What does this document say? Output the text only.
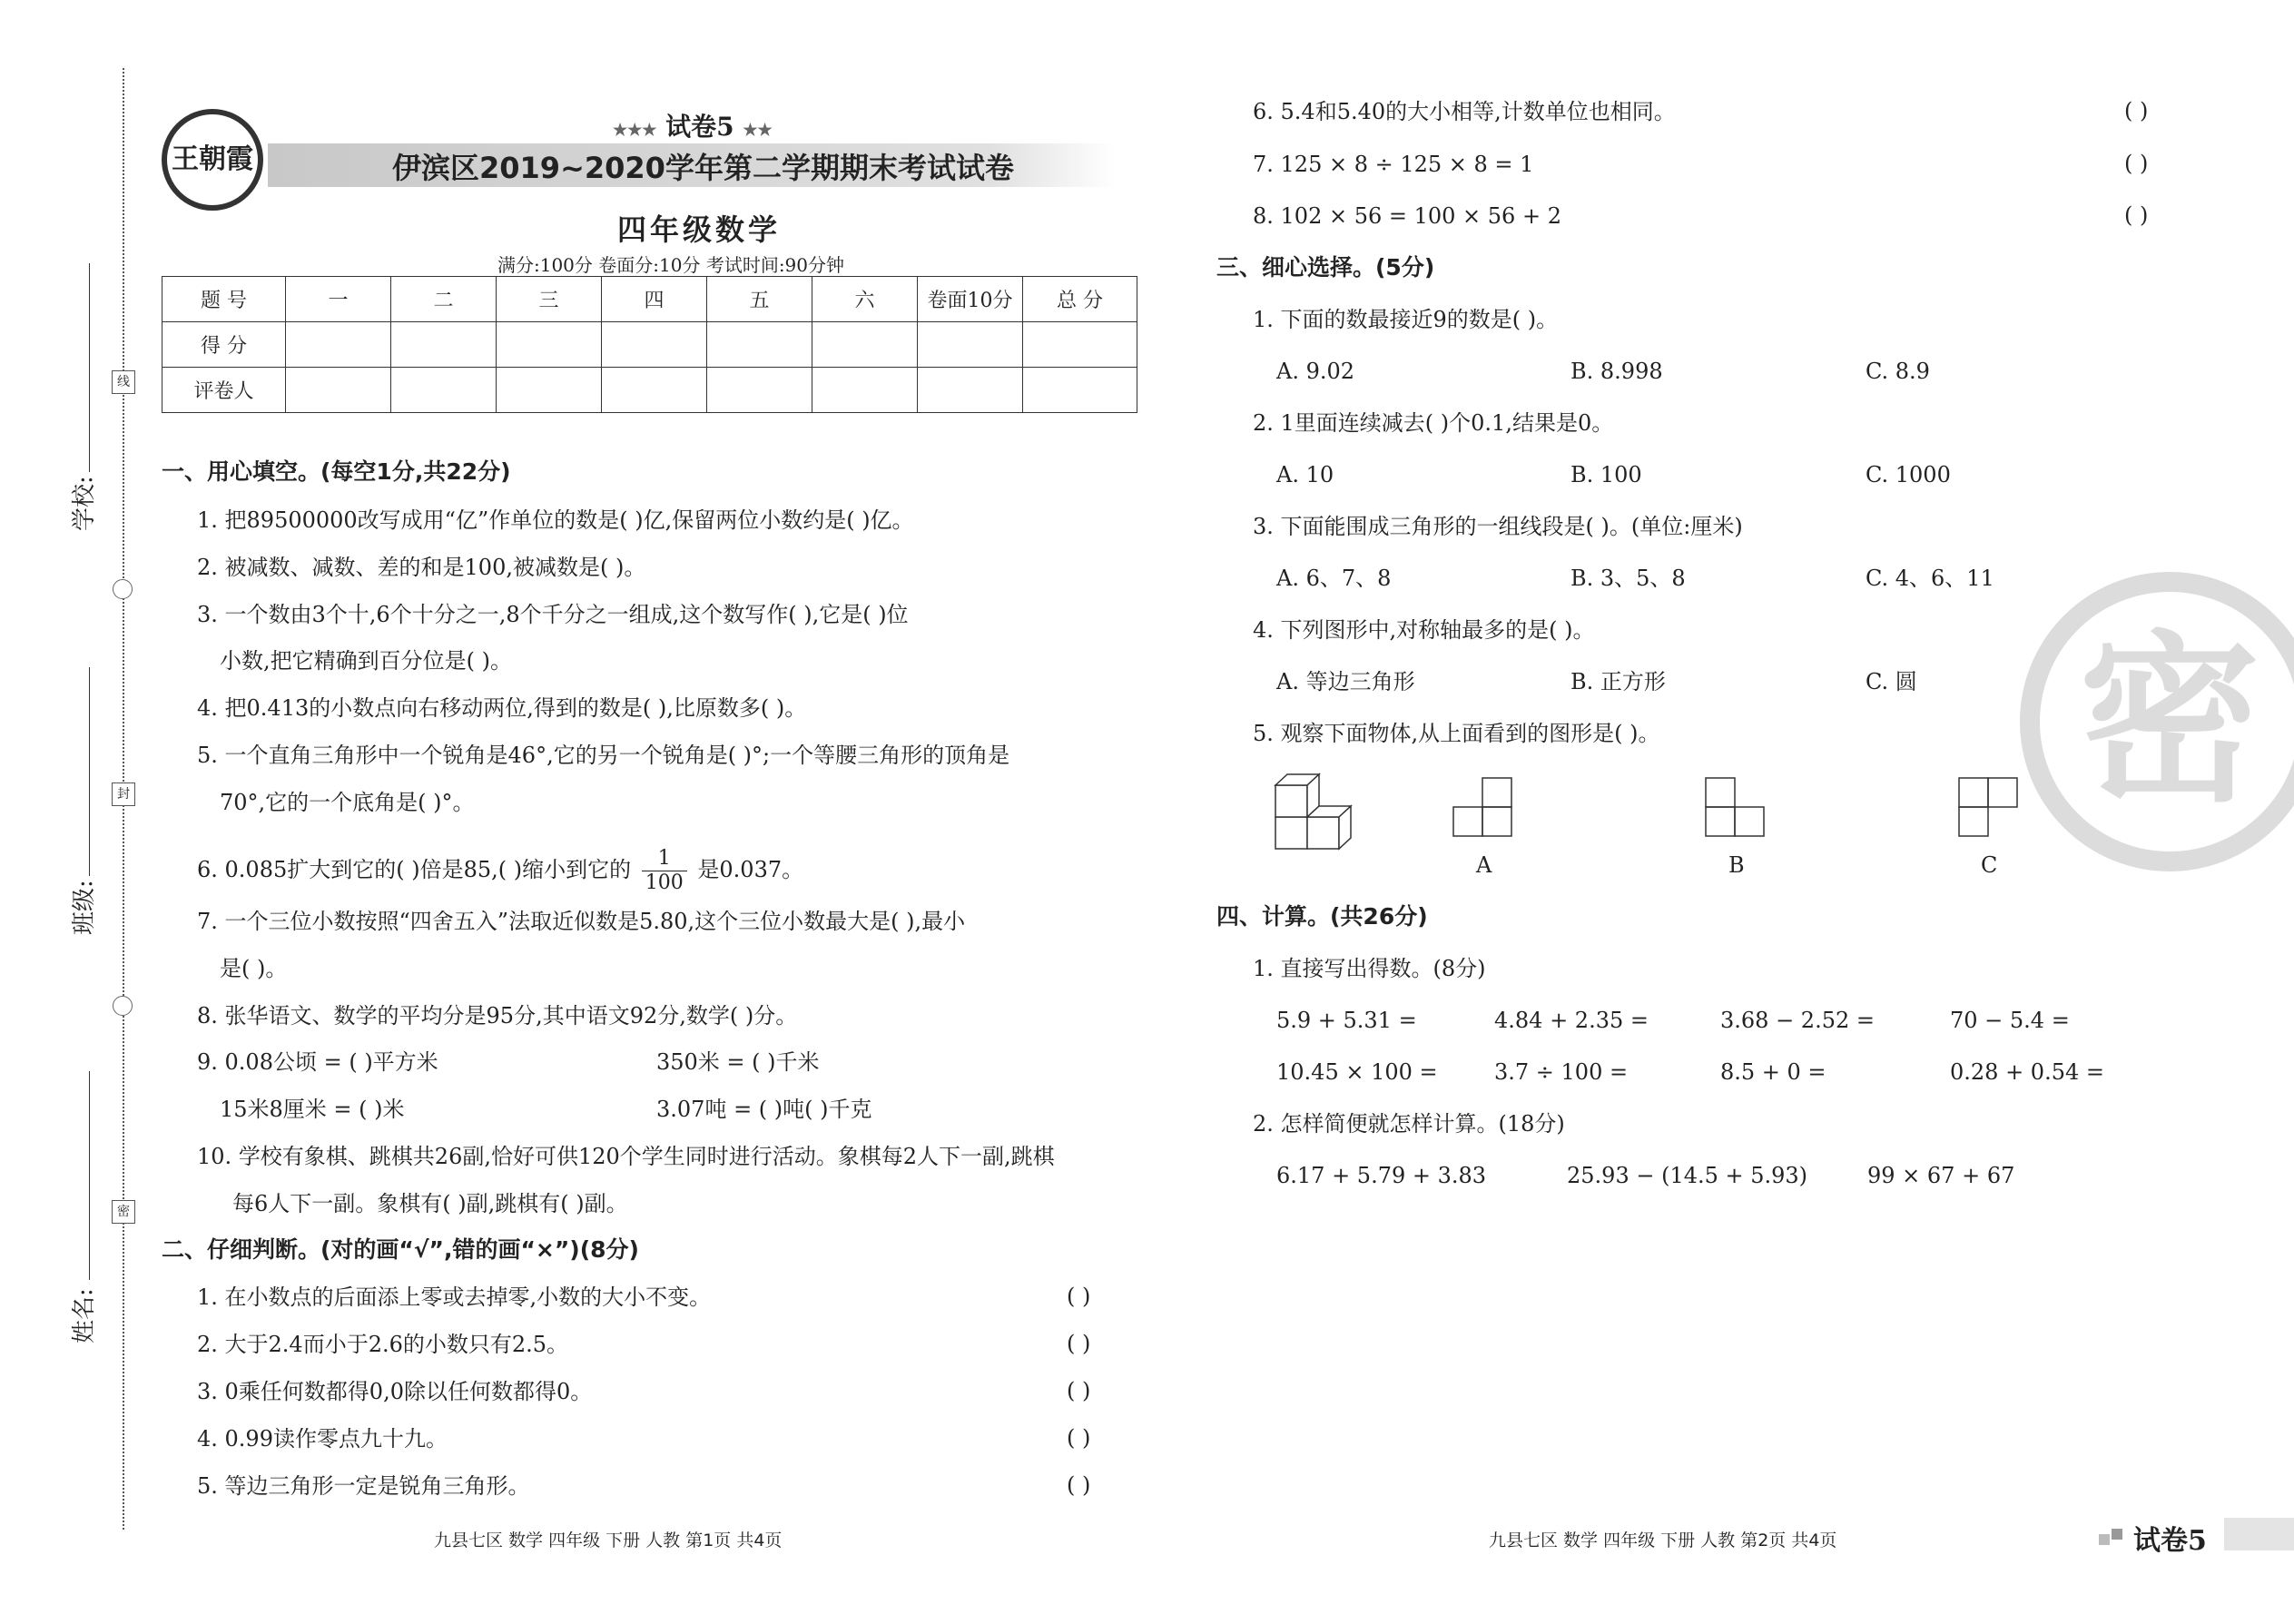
学校:
班级:
姓名:
线
封
密
王朝霞
★★★ 试卷5 ★★
伊滨区2019~2020学年第二学期期末考试试卷
四年级数学
满分:100分 卷面分:10分 考试时间:90分钟
题 号	一	二	三	四	五	六	卷面10分	总 分
得 分								
评卷人								
一、用心填空。(每空1分,共22分)
1. 把89500000改写成用“亿”作单位的数是( )亿,保留两位小数约是( )亿。
2. 被减数、减数、差的和是100,被减数是( )。
3. 一个数由3个十,6个十分之一,8个千分之一组成,这个数写作( ),它是( )位
小数,把它精确到百分位是( )。
4. 把0.413的小数点向右移动两位,得到的数是( ),比原数多( )。
5. 一个直角三角形中一个锐角是46°,它的另一个锐角是( )°;一个等腰三角形的顶角是
70°,它的一个底角是( )°。
6. 0.085扩大到它的( )倍是85,( )缩小到它的 $\frac{1}{100}$ 是0.037。
7. 一个三位小数按照“四舍五入”法取近似数是5.80,这个三位小数最大是( ),最小
是( )。
8. 张华语文、数学的平均分是95分,其中语文92分,数学( )分。
9. 0.08公顷 = ( )平方米	350米 = ( )千米
15米8厘米 = ( )米	3.07吨 = ( )吨( )千克
10. 学校有象棋、跳棋共26副,恰好可供120个学生同时进行活动。象棋每2人下一副,跳棋
每6人下一副。象棋有( )副,跳棋有( )副。
二、仔细判断。(对的画“√”,错的画“×”)(8分)
1. 在小数点的后面添上零或去掉零,小数的大小不变。	( )
2. 大于2.4而小于2.6的小数只有2.5。	( )
3. 0乘任何数都得0,0除以任何数都得0。	( )
4. 0.99读作零点九十九。	( )
5. 等边三角形一定是锐角三角形。	( )
6. 5.4和5.40的大小相等,计数单位也相同。	( )
7. 125 × 8 ÷ 125 × 8 = 1	( )
8. 102 × 56 = 100 × 56 + 2	( )
三、细心选择。(5分)
1. 下面的数最接近9的数是( )。
A. 9.02	B. 8.998	C. 8.9
2. 1里面连续减去( )个0.1,结果是0。
A. 10	B. 100	C. 1000
3. 下面能围成三角形的一组线段是( )。(单位:厘米)
A. 6、7、8	B. 3、5、8	C. 4、6、11
4. 下列图形中,对称轴最多的是( )。
A. 等边三角形	B. 正方形	C. 圆
5. 观察下面物体,从上面看到的图形是( )。
A	B	C
四、计算。(共26分)
1. 直接写出得数。(8分)
5.9 + 5.31 =	4.84 + 2.35 =	3.68 − 2.52 =	70 − 5.4 =
10.45 × 100 =	3.7 ÷ 100 =	8.5 + 0 =	0.28 + 0.54 =
2. 怎样简便就怎样计算。(18分)
6.17 + 5.79 + 3.83	25.93 − (14.5 + 5.93)	99 × 67 + 67
密
九县七区 数学 四年级 下册 人教 第1页 共4页	九县七区 数学 四年级 下册 人教 第2页 共4页	试卷5
